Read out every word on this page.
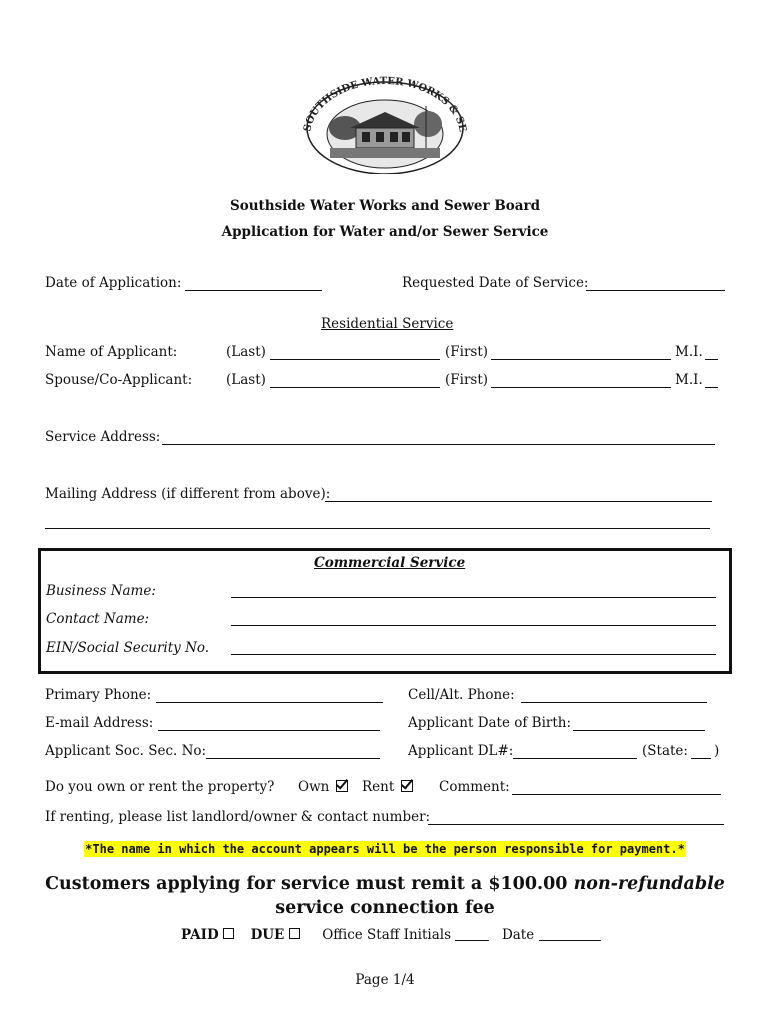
SOUTHSIDE WATER WORKS & SE
Southside Water Works and Sewer Board
Application for Water and/or Sewer Service
Date of Application:	Requested Date of Service:
Residential Service
Name of Applicant:	(Last)	(First)	M.I.
Spouse/Co-Applicant:	(Last)	(First)	M.I.
Service Address:
Mailing Address (if different from above):
Commercial Service
Business Name:
Contact Name:
EIN/Social Security No.
Primary Phone:	Cell/Alt. Phone:
E-mail Address:	Applicant Date of Birth:
Applicant Soc. Sec. No:	Applicant DL#:	(State: )
Do you own or rent the property? Own	Rent	Comment:
If renting, please list landlord/owner & contact number:
*The name in which the account appears will be the person responsible for payment.*
Customers applying for service must remit a $100.00 non-refundable
service connection fee
PAID DUE	Office Staff Initials	Date
Page 1/4
